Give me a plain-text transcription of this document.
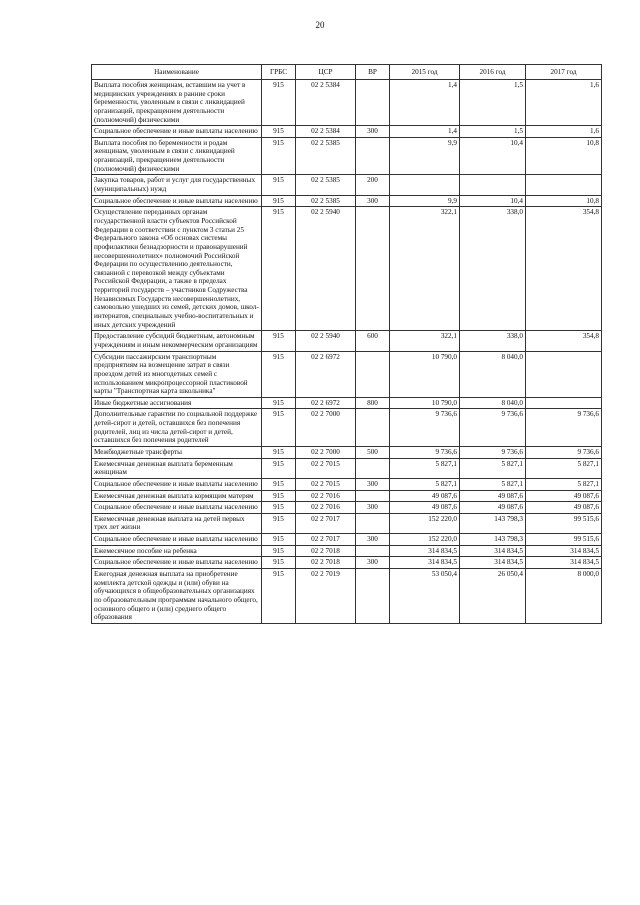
20
Наименование	ГРБС	ЦСР	ВР	2015 год	2016 год	2017 год
Выплата пособия женщинам, вставшим на учет в медицинских учреждениях в ранние сроки беременности, уволенным в связи с ликвидацией организаций, прекращением деятельности (полномочий) физическими	915	02 2 5384		1,4	1,5	1,6
Социальное обеспечение и иные выплаты населению	915	02 2 5384	300	1,4	1,5	1,6
Выплата пособия по беременности и родам женщинам, уволенным в связи с ликвидацией организаций, прекращением деятельности (полномочий) физическими	915	02 2 5385		9,9	10,4	10,8
Закупка товаров, работ и услуг для государственных (муниципальных) нужд	915	02 2 5385	200			
Социальное обеспечение и иные выплаты населению	915	02 2 5385	300	9,9	10,4	10,8
Осуществление переданных органам государственной власти субъектов Российской Федерации в соответствии с пунктом 3 статьи 25 Федерального закона «Об основах системы профилактики безнадзорности и правонарушений несовершеннолетних» полномочий Российской Федерации по осуществлению деятельности, связанной с перевозкой между субъектами Российской Федерации, а также в пределах территорий государств – участников Содружества Независимых Государств несовершеннолетних, самовольно ушедших из семей, детских домов, школ-интернатов, специальных учебно-воспитательных и иных детских учреждений	915	02 2 5940		322,1	338,0	354,8
Предоставление субсидий бюджетным, автономным учреждениям и иным некоммерческим организациям	915	02 2 5940	600	322,1	338,0	354,8
Субсидии пассажирским транспортным предприятиям на возмещение затрат в связи проездом детей из многодетных семей с использованием микропроцессорной пластиковой карты "Транспортная карта школьника"	915	02 2 6972		10 790,0	8 040,0	
Иные бюджетные ассигнования	915	02 2 6972	800	10 790,0	8 040,0	
Дополнительные гарантии по социальной поддержке детей-сирот и детей, оставшихся без попечения родителей, лиц из числа детей-сирот и детей, оставшихся без попечения родителей	915	02 2 7000		9 736,6	9 736,6	9 736,6
Межбюджетные трансферты	915	02 2 7000	500	9 736,6	9 736,6	9 736,6
Ежемесячная денежная выплата беременным женщинам	915	02 2 7015		5 827,1	5 827,1	5 827,1
Социальное обеспечение и иные выплаты населению	915	02 2 7015	300	5 827,1	5 827,1	5 827,1
Ежемесячная денежная выплата кормящим матерям	915	02 2 7016		49 087,6	49 087,6	49 087,6
Социальное обеспечение и иные выплаты населению	915	02 2 7016	300	49 087,6	49 087,6	49 087,6
Ежемесячная денежная выплата на детей первых трех лет жизни	915	02 2 7017		152 220,0	143 798,3	99 515,6
Социальное обеспечение и иные выплаты населению	915	02 2 7017	300	152 220,0	143 798,3	99 515,6
Ежемесячное пособие на ребенка	915	02 2 7018		314 834,5	314 834,5	314 834,5
Социальное обеспечение и иные выплаты населению	915	02 2 7018	300	314 834,5	314 834,5	314 834,5
Ежегодная денежная выплата на приобретение комплекта детской одежды и (или) обуви на обучающихся в общеобразовательных организациях по образовательным программам начального общего, основного общего и (или) среднего общего образования	915	02 2 7019		53 050,4	26 050,4	8 000,0
